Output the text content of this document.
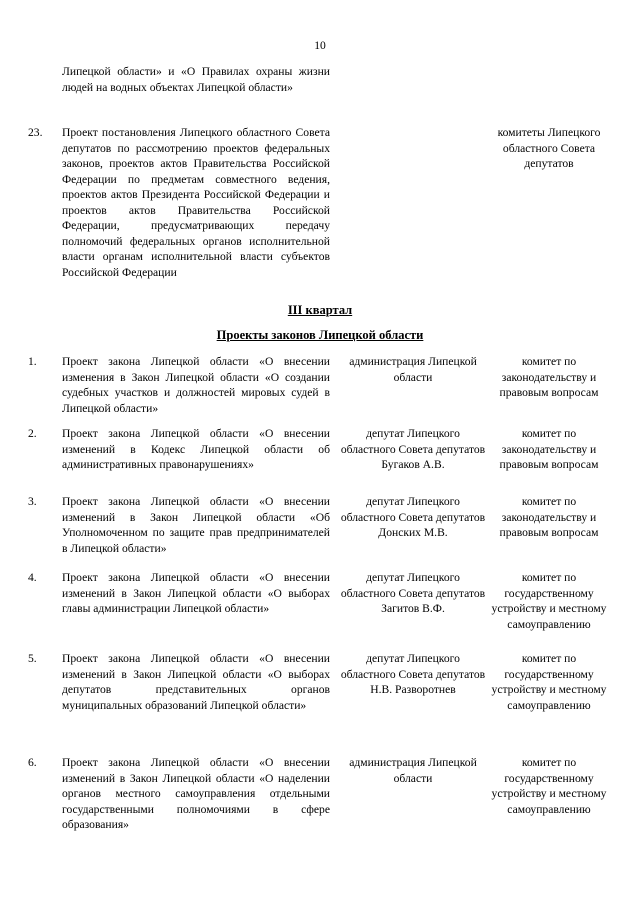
10
Липецкой области» и «О Правилах охраны жизни людей на водных объектах Липецкой области»
23. Проект постановления Липецкого областного Совета депутатов по рассмотрению проектов федеральных законов, проектов актов Правительства Российской Федерации по предметам совместного ведения, проектов актов Президента Российской Федерации и проектов актов Правительства Российской Федерации, предусматривающих передачу полномочий федеральных органов исполнительной власти органам исполнительной власти субъектов Российской Федерации
комитеты Липецкого областного Совета депутатов
III квартал
Проекты законов Липецкой области
1. Проект закона Липецкой области «О внесении изменения в Закон Липецкой области «О создании судебных участков и должностей мировых судей в Липецкой области»
администрация Липецкой области
комитет по законодательству и правовым вопросам
2. Проект закона Липецкой области «О внесении изменений в Кодекс Липецкой области об административных правонарушениях»
депутат Липецкого областного Совета депутатов Бугаков А.В.
комитет по законодательству и правовым вопросам
3. Проект закона Липецкой области «О внесении изменений в Закон Липецкой области «Об Уполномоченном по защите прав предпринимателей в Липецкой области»
депутат Липецкого областного Совета депутатов Донских М.В.
комитет по законодательству и правовым вопросам
4. Проект закона Липецкой области «О внесении изменений в Закон Липецкой области «О выборах главы администрации Липецкой области»
депутат Липецкого областного Совета депутатов Загитов В.Ф.
комитет по государственному устройству и местному самоуправлению
5. Проект закона Липецкой области «О внесении изменений в Закон Липецкой области «О выборах депутатов представительных органов муниципальных образований Липецкой области»
депутат Липецкого областного Совета депутатов Н.В. Разворотнев
комитет по государственному устройству и местному самоуправлению
6. Проект закона Липецкой области «О внесении изменений в Закон Липецкой области «О наделении органов местного самоуправления отдельными государственными полномочиями в сфере образования»
администрация Липецкой области
комитет по государственному устройству и местному самоуправлению
